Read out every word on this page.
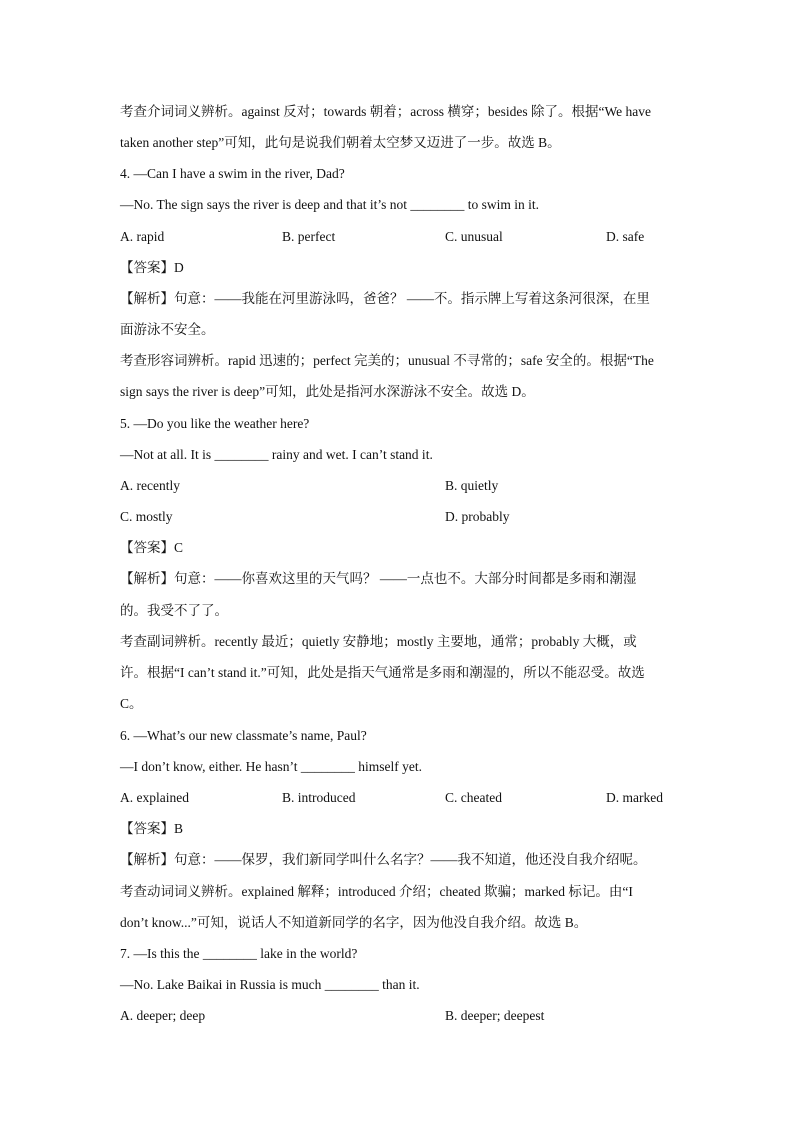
考查介词词义辨析。against 反对；towards 朝着；across 横穿；besides 除了。根据“We have
taken another step”可知，此句是说我们朝着太空梦又迈进了一步。故选 B。
4. —Can I have a swim in the river, Dad?
—No. The sign says the river is deep and that it’s not ________ to swim in it.
A. rapid	B. perfect	C. unusual	D. safe
【答案】D
【解析】句意：——我能在河里游泳吗，爸爸？ ——不。指示牌上写着这条河很深，在里
面游泳不安全。
考查形容词辨析。rapid 迅速的；perfect 完美的；unusual 不寻常的；safe 安全的。根据“The
sign says the river is deep”可知，此处是指河水深游泳不安全。故选 D。
5. —Do you like the weather here?
—Not at all. It is ________ rainy and wet. I can’t stand it.
A. recently	B. quietly
C. mostly	D. probably
【答案】C
【解析】句意：——你喜欢这里的天气吗？ ——一点也不。大部分时间都是多雨和潮湿
的。我受不了了。
考查副词辨析。recently 最近；quietly 安静地；mostly 主要地，通常；probably 大概，或
许。根据“I can’t stand it.”可知，此处是指天气通常是多雨和潮湿的，所以不能忍受。故选
C。
6. —What’s our new classmate’s name, Paul?
—I don’t know, either. He hasn’t ________ himself yet.
A. explained	B. introduced	C. cheated	D. marked
【答案】B
【解析】句意：——保罗，我们新同学叫什么名字？——我不知道，他还没自我介绍呢。
考查动词词义辨析。explained 解释；introduced 介绍；cheated 欺骗；marked 标记。由“I
don’t know...”可知，说话人不知道新同学的名字，因为他没自我介绍。故选 B。
7. —Is this the ________ lake in the world?
—No. Lake Baikai in Russia is much ________ than it.
A. deeper; deep	B. deeper; deepest
